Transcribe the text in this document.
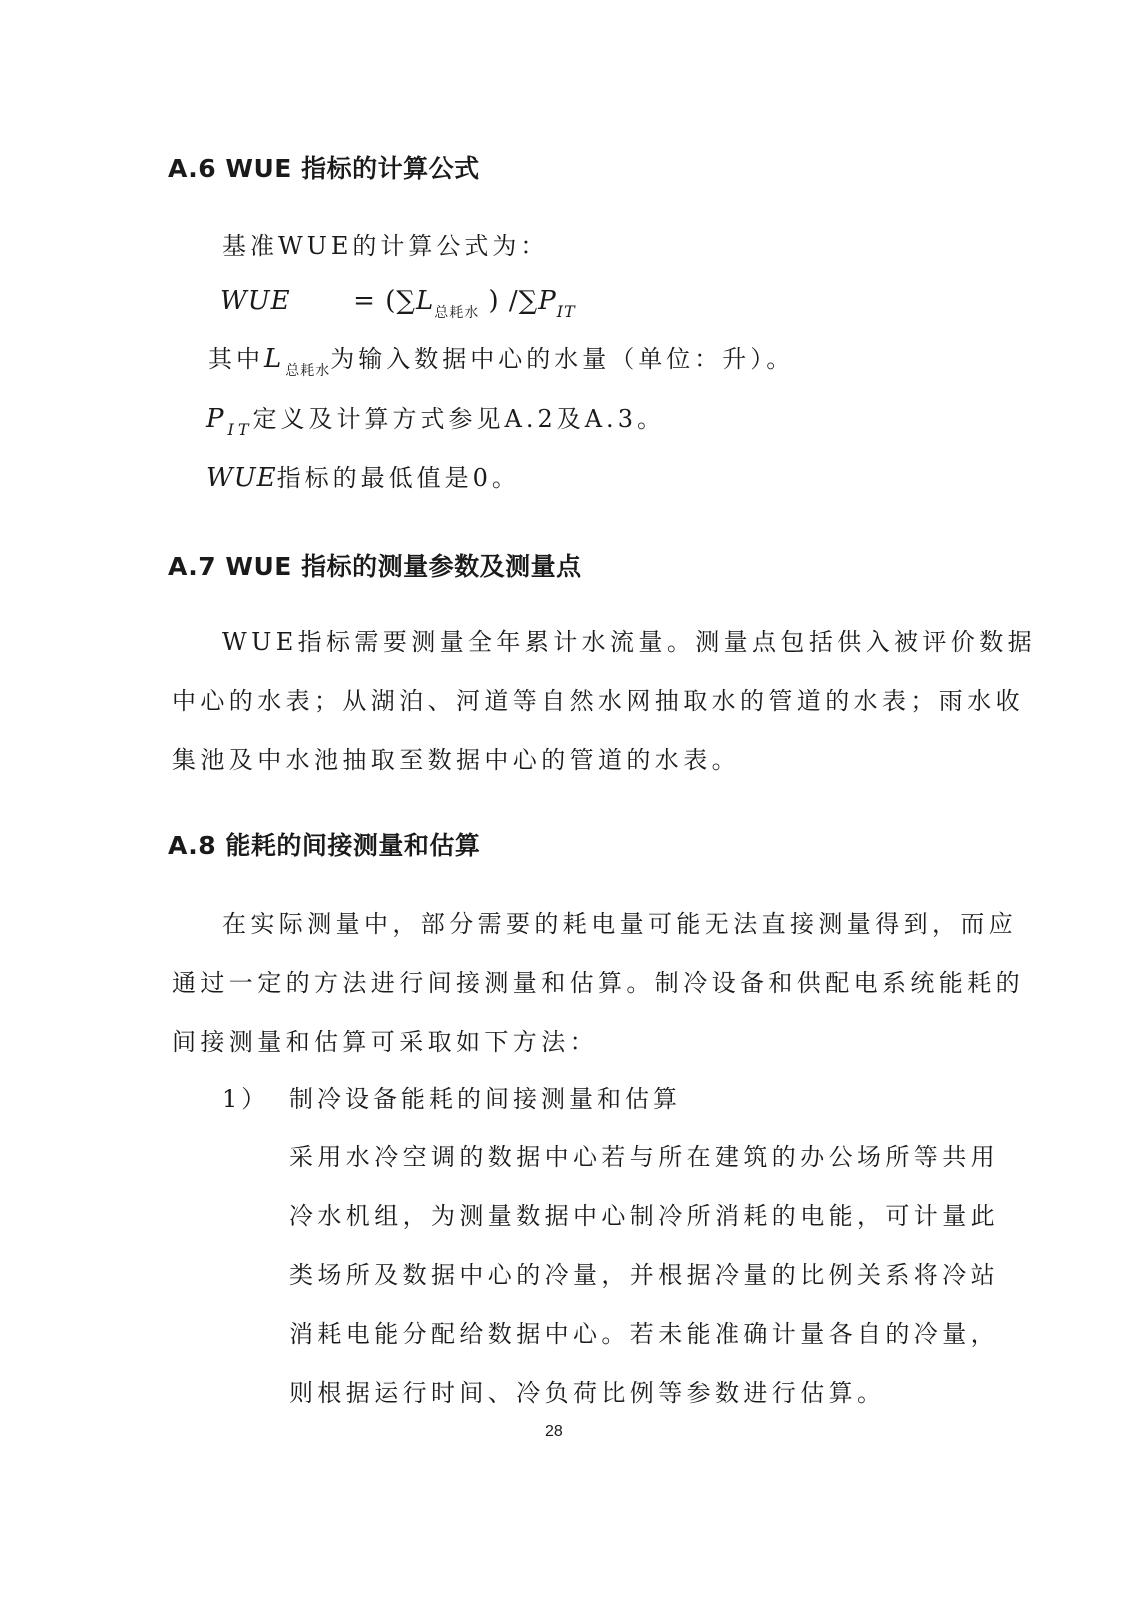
A.6 WUE 指标的计算公式
基准WUE的计算公式为：
WUE = ($\sum L_{总耗水}$ ) $/\sum P_{IT}$
其中$L_{总耗水}$为输入数据中心的水量（单位：升）。
$P_{IT}$定义及计算方式参见A.2及A.3。
WUE指标的最低值是0。
A.7 WUE 指标的测量参数及测量点
WUE指标需要测量全年累计水流量。测量点包括供入被评价数据
中心的水表；从湖泊、河道等自然水网抽取水的管道的水表；雨水收
集池及中水池抽取至数据中心的管道的水表。
A.8 能耗的间接测量和估算
在实际测量中，部分需要的耗电量可能无法直接测量得到，而应
通过一定的方法进行间接测量和估算。制冷设备和供配电系统能耗的
间接测量和估算可采取如下方法：
1） 制冷设备能耗的间接测量和估算
采用水冷空调的数据中心若与所在建筑的办公场所等共用
冷水机组，为测量数据中心制冷所消耗的电能，可计量此
类场所及数据中心的冷量，并根据冷量的比例关系将冷站
消耗电能分配给数据中心。若未能准确计量各自的冷量，
则根据运行时间、冷负荷比例等参数进行估算。
28
